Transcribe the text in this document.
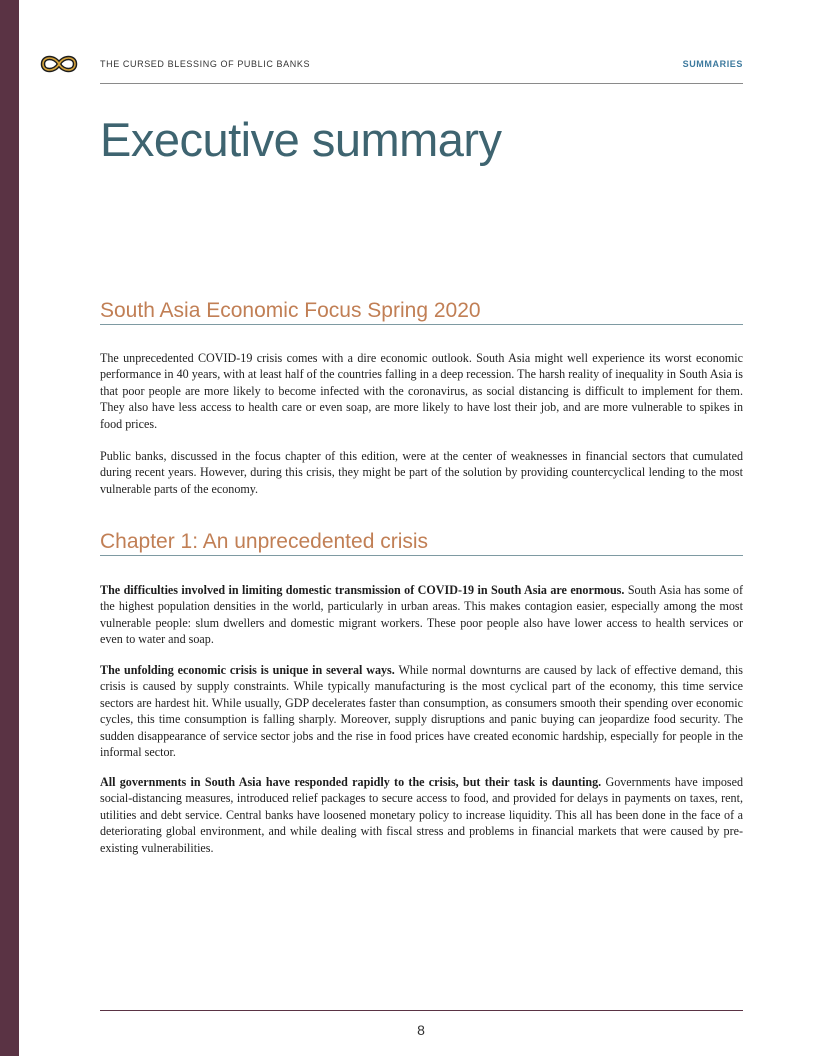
THE CURSED BLESSING OF PUBLIC BANKS	SUMMARIES
Executive summary
South Asia Economic Focus Spring 2020

The unprecedented COVID-19 crisis comes with a dire economic outlook. South Asia might well experience its worst economic performance in 40 years, with at least half of the countries falling in a deep recession. The harsh reality of inequality in South Asia is that poor people are more likely to become infected with the coronavirus, as social distancing is difficult to implement for them. They also have less access to health care or even soap, are more likely to have lost their job, and are more vulnerable to spikes in food prices.

Public banks, discussed in the focus chapter of this edition, were at the center of weaknesses in financial sectors that cumulated during recent years. However, during this crisis, they might be part of the solution by providing countercyclical lending to the most vulnerable parts of the economy.

Chapter 1: An unprecedented crisis

The difficulties involved in limiting domestic transmission of COVID-19 in South Asia are enormous. South Asia has some of the highest population densities in the world, particularly in urban areas. This makes contagion easier, especially among the most vulnerable people: slum dwellers and domestic migrant workers. These poor people also have lower access to health services or even to water and soap.

The unfolding economic crisis is unique in several ways. While normal downturns are caused by lack of effective demand, this crisis is caused by supply constraints. While typically manufacturing is the most cyclical part of the economy, this time service sectors are hardest hit. While usually, GDP decelerates faster than consumption, as consumers smooth their spending over economic cycles, this time consumption is falling sharply. Moreover, supply disruptions and panic buying can jeopardize food security. The sudden disappearance of service sector jobs and the rise in food prices have created economic hardship, especially for people in the informal sector.

All governments in South Asia have responded rapidly to the crisis, but their task is daunting. Governments have imposed social-distancing measures, introduced relief packages to secure access to food, and provided for delays in payments on taxes, rent, utilities and debt service. Central banks have loosened monetary policy to increase liquidity. This all has been done in the face of a deteriorating global environment, and while dealing with fiscal stress and problems in financial markets that were caused by pre-existing vulnerabilities.

8
